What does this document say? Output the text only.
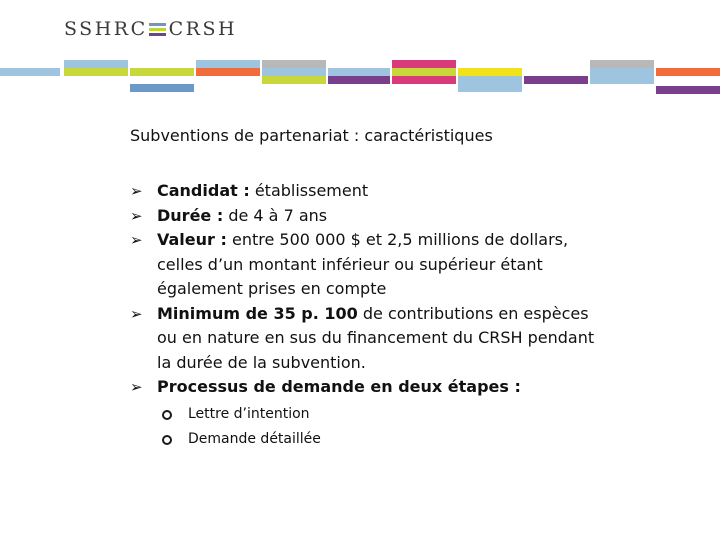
SSHRC CRSH
Subventions de partenariat : caractéristiques
➢ Candidat : établissement
➢ Durée : de 4 à 7 ans
➢ Valeur : entre 500 000 $ et 2,5 millions de dollars, celles d’un montant inférieur ou supérieur étant également prises en compte
➢ Minimum de 35 p. 100 de contributions en espèces ou en nature en sus du financement du CRSH pendant la durée de la subvention.
➢ Processus de demande en deux étapes :
Lettre d’intention
Demande détaillée
